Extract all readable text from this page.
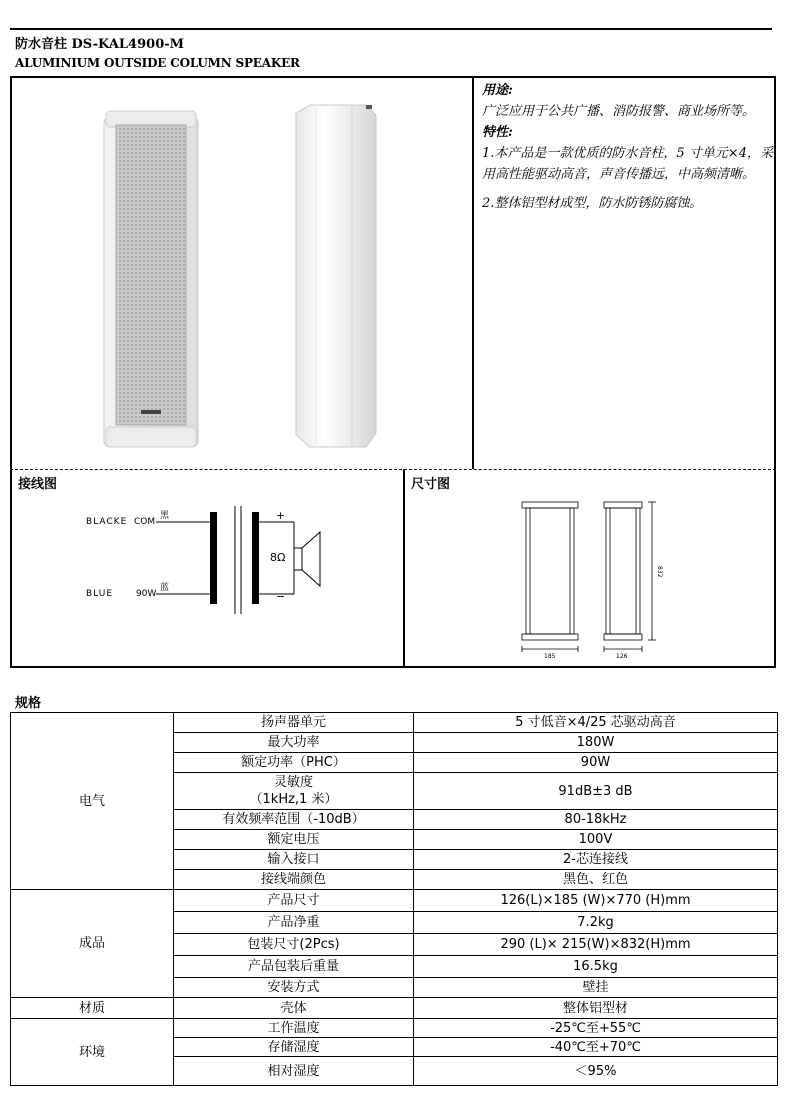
防水音柱 DS-KAL4900-M
ALUMINIUM OUTSIDE COLUMN SPEAKER

用途:

广泛应用于公共广播、消防报警、商业场所等。

特性:

1.本产品是一款优质的防水音柱，5 寸单元×4，采用高性能驱动高音，声音传播远，中高频清晰。

2.整体铝型材成型，防水防锈防腐蚀。

接线图
BLACKE COM
黑
BLUE	90W
蓝
+
−
8Ω
尺寸图
185	126
832
规格
电气	扬声器单元	5 寸低音×4/25 芯驱动高音
	最大功率	180W
	额定功率（PHC）	90W

	灵敏度
（1kHz,1 米）	91dB±3 dB
	有效频率范围（-10dB）	80-18kHz
	额定电压	100V
	输入接口	2-芯连接线
	接线端颜色	黑色、红色
成品	产品尺寸	126(L)×185 (W)×770 (H)mm
	产品净重	7.2kg
	包装尺寸(2Pcs)	290 (L)× 215(W)×832(H)mm
	产品包装后重量	16.5kg
	安装方式	壁挂
材质	壳体	整体铝型材
环境	工作温度	-25℃至+55℃
	存储湿度	-40℃至+70℃
	相对湿度	＜95%
